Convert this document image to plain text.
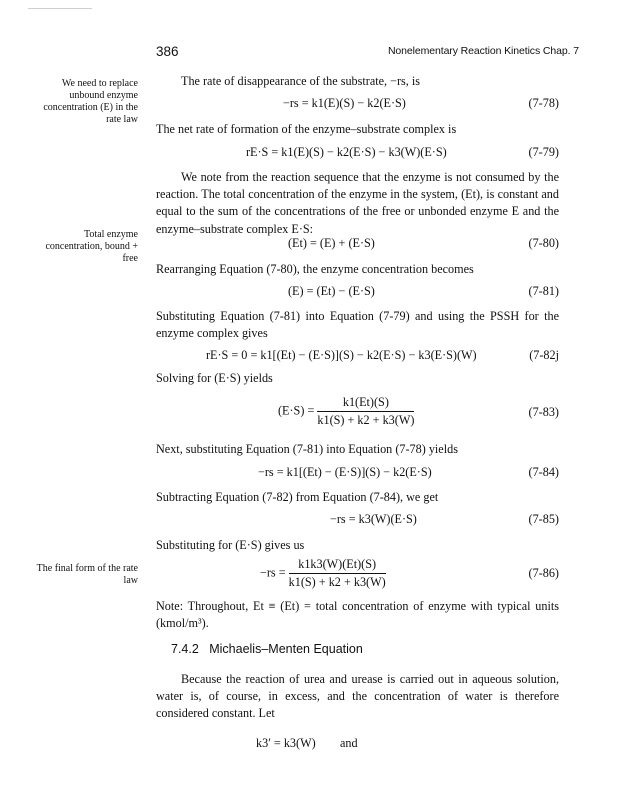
386	Nonelementary Reaction Kinetics Chap. 7
We need to replace unbound enzyme concentration (E) in the rate law
Total enzyme concentration, bound + free
The final form of the rate law
The rate of disappearance of the substrate, −rs, is
−rs = k1(E)(S) − k2(E·S)	(7-78)
The net rate of formation of the enzyme–substrate complex is
rE·S = k1(E)(S) − k2(E·S) − k3(W)(E·S)	(7-79)
We note from the reaction sequence that the enzyme is not consumed by the reaction. The total concentration of the enzyme in the system, (Et), is constant and equal to the sum of the concentrations of the free or unbonded enzyme E and the enzyme–substrate complex E·S:
(Et) = (E) + (E·S)	(7-80)
Rearranging Equation (7-80), the enzyme concentration becomes
(E) = (Et) − (E·S)	(7-81)
Substituting Equation (7-81) into Equation (7-79) and using the PSSH for the enzyme complex gives
rE·S = 0 = k1[(Et) − (E·S)](S) − k2(E·S) − k3(E·S)(W)	(7-82j
Solving for (E·S) yields
$(E\cdot S) = \frac{k1(Et)(S)}{k1(S) + k2 + k3(W)}$	(7-83)
Next, substituting Equation (7-81) into Equation (7-78) yields
−rs = k1[(Et) − (E·S)](S) − k2(E·S)	(7-84)
Subtracting Equation (7-82) from Equation (7-84), we get
−rs = k3(W)(E·S)	(7-85)
Substituting for (E·S) gives us
$-rs = \frac{k1k3(W)(Et)(S)}{k1(S) + k2 + k3(W)}$	(7-86)
Note: Throughout, Et ≡ (Et) = total concentration of enzyme with typical units (kmol/m³).
7.4.2 Michaelis–Menten Equation
Because the reaction of urea and urease is carried out in aqueous solution, water is, of course, in excess, and the concentration of water is therefore considered constant. Let
k3′ = k3(W) and
